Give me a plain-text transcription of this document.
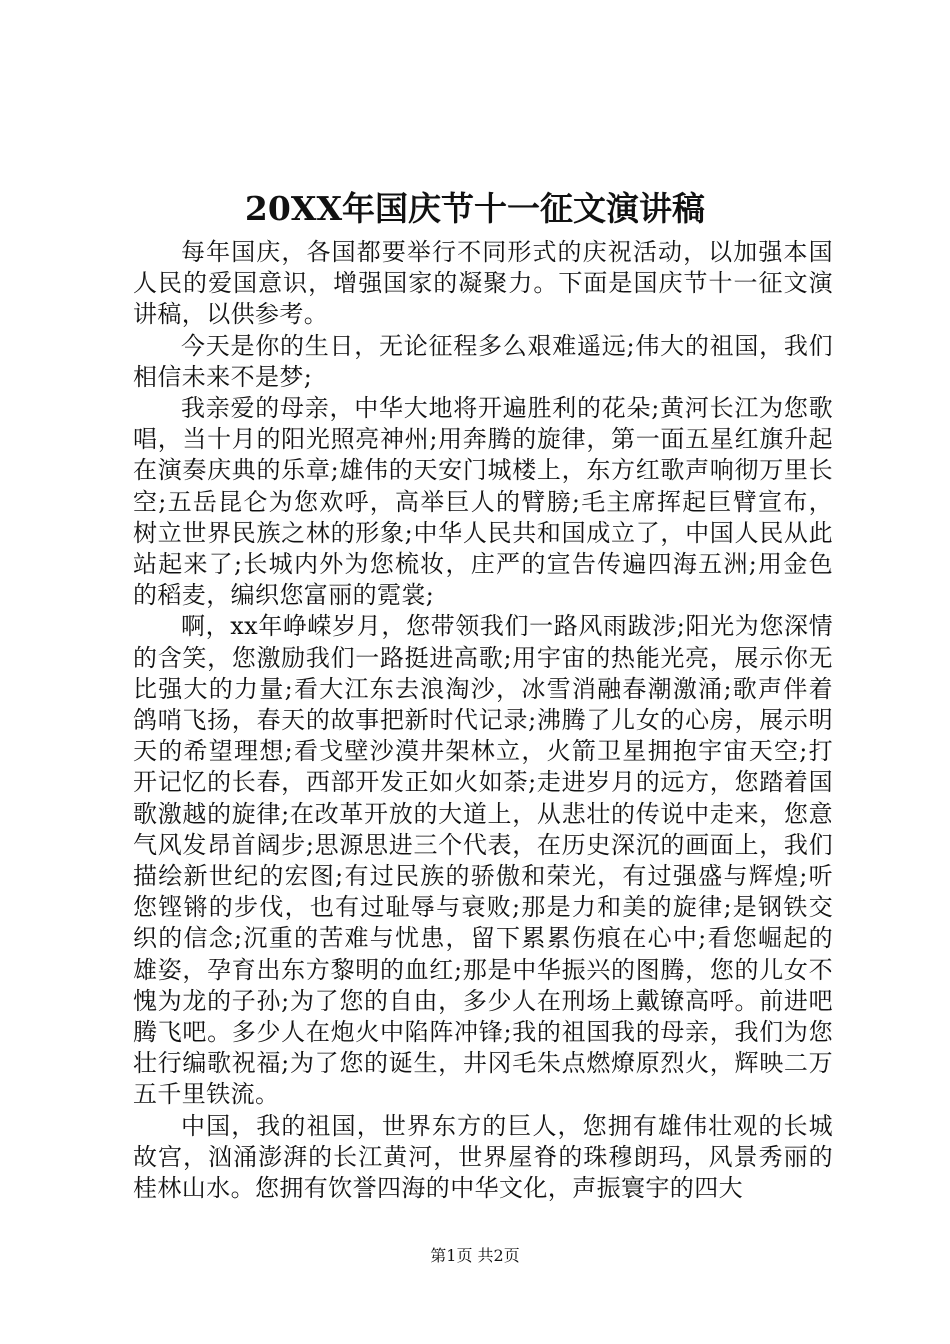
20XX年国庆节十一征文演讲稿

每年国庆，各国都要举行不同形式的庆祝活动，以加强本国人民的爱国意识，增强国家的凝聚力。下面是国庆节十一征文演讲稿，以供参考。

今天是你的生日，无论征程多么艰难遥远;伟大的祖国，我们相信未来不是梦;

我亲爱的母亲，中华大地将开遍胜利的花朵;黄河长江为您歌唱，当十月的阳光照亮神州;用奔腾的旋律，第一面五星红旗升起在演奏庆典的乐章;雄伟的天安门城楼上，东方红歌声响彻万里长空;五岳昆仑为您欢呼，高举巨人的臂膀;毛主席挥起巨臂宣布，树立世界民族之林的形象;中华人民共和国成立了，中国人民从此站起来了;长城内外为您梳妆，庄严的宣告传遍四海五洲;用金色的稻麦，编织您富丽的霓裳;

啊，xx年峥嵘岁月，您带领我们一路风雨跋涉;阳光为您深情的含笑，您激励我们一路挺进高歌;用宇宙的热能光亮，展示你无比强大的力量;看大江东去浪淘沙，冰雪消融春潮激涌;歌声伴着鸽哨飞扬，春天的故事把新时代记录;沸腾了儿女的心房，展示明天的希望理想;看戈壁沙漠井架林立，火箭卫星拥抱宇宙天空;打开记忆的长春，西部开发正如火如荼;走进岁月的远方，您踏着国歌激越的旋律;在改革开放的大道上，从悲壮的传说中走来，您意气风发昂首阔步;思源思进三个代表，在历史深沉的画面上，我们描绘新世纪的宏图;有过民族的骄傲和荣光，有过强盛与辉煌;听您铿锵的步伐，也有过耻辱与衰败;那是力和美的旋律;是钢铁交织的信念;沉重的苦难与忧患，留下累累伤痕在心中;看您崛起的雄姿，孕育出东方黎明的血红;那是中华振兴的图腾，您的儿女不愧为龙的子孙;为了您的自由，多少人在刑场上戴镣高呼。前进吧腾飞吧。多少人在炮火中陷阵冲锋;我的祖国我的母亲，我们为您壮行编歌祝福;为了您的诞生，井冈毛朱点燃燎原烈火，辉映二万五千里铁流。

中国，我的祖国，世界东方的巨人，您拥有雄伟壮观的长城故宫，汹涌澎湃的长江黄河，世界屋脊的珠穆朗玛，风景秀丽的桂林山水。您拥有饮誉四海的中华文化，声振寰宇的四大

第1页 共2页
